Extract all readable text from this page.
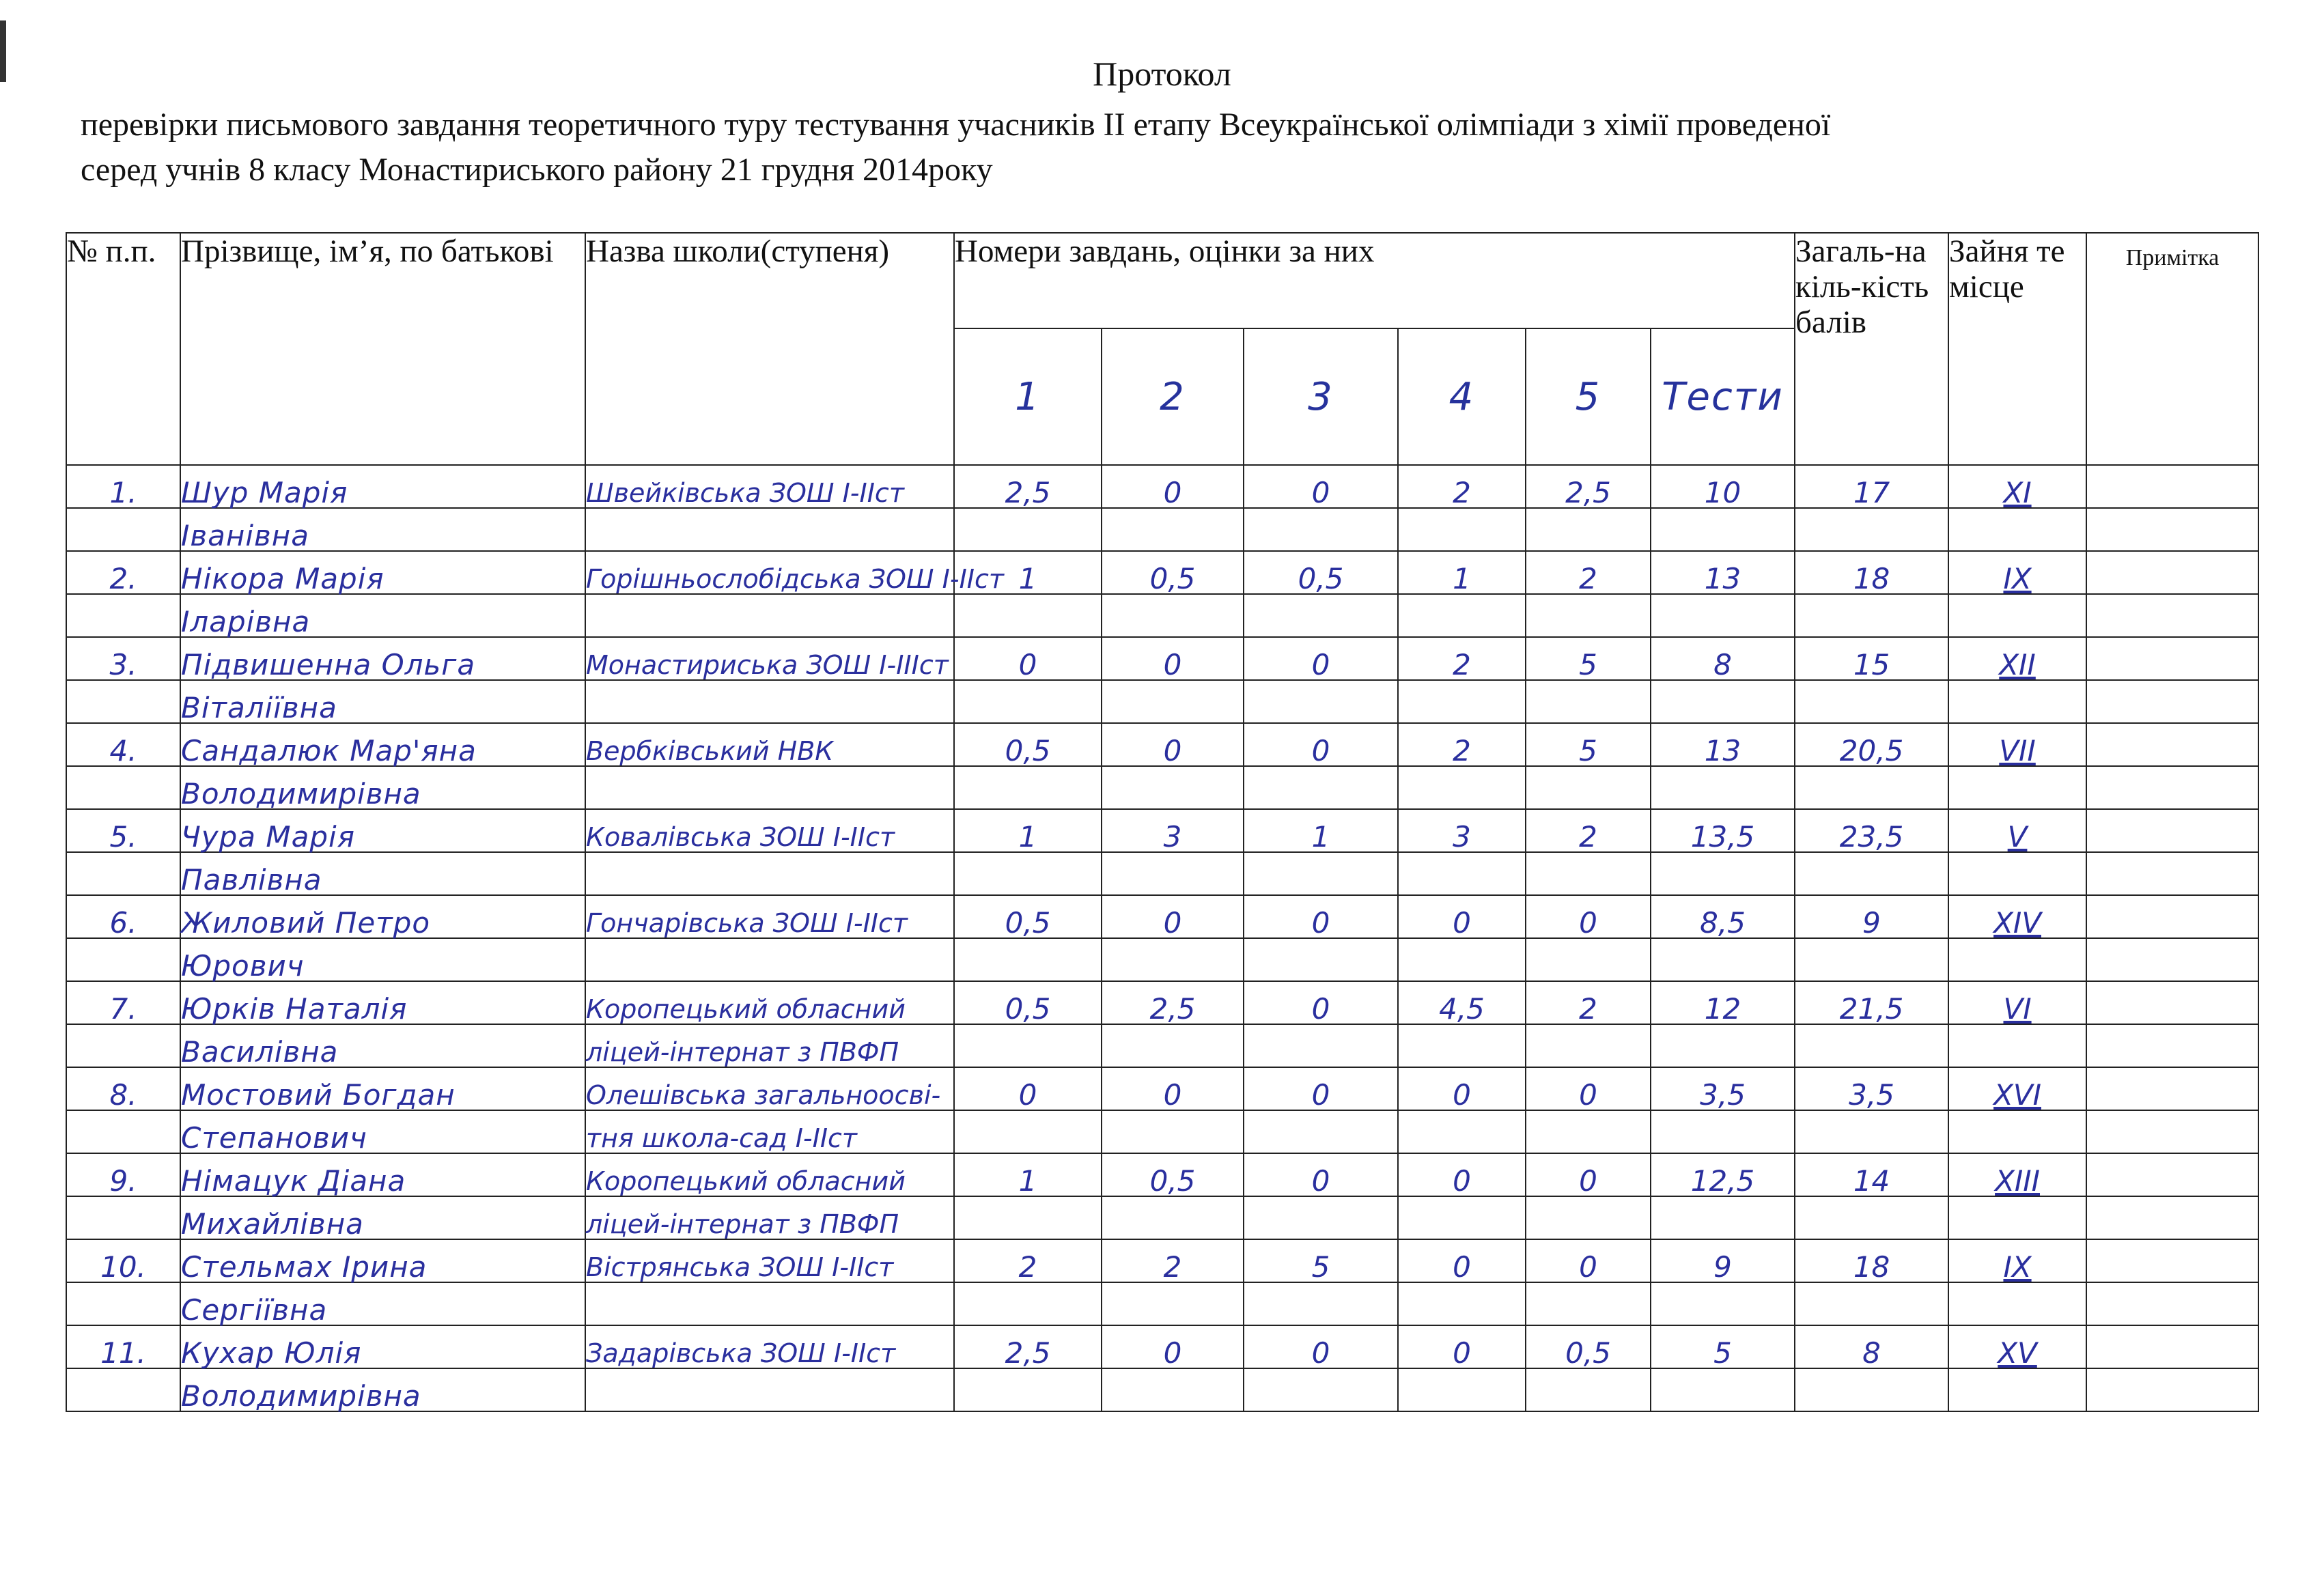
Протокол
перевірки письмового завдання теоретичного туру тестування учасників ІІ етапу Всеукраїнської олімпіади з хімії проведеної
серед учнів 8 класу Монастириського району 21 грудня 2014року
№ п.п.	Прізвище, ім’я, по батькові	Назва школи(ступеня)	Номери завдань, оцінки за них						Загаль-на кіль-кість балів	Зайня те місце	Примітка
			1	2	3	4	5	Тести			
1.	Шур Марія	Швейківська ЗОШ І-ІІст	2,5	0	0	2	2,5	10	17	XI	
	Іванівна										
2.	Нікора Марія	Горішньослобідська ЗОШ І-ІІст	1	0,5	0,5	1	2	13	18	IX	
	Іларівна										
3.	Підвишенна Ольга	Монастириська ЗОШ І-ІІІст	0	0	0	2	5	8	15	XII	
	Віталіївна										
4.	Сандалюк Мар'яна	Вербківський НВК	0,5	0	0	2	5	13	20,5	VII	
	Володимирівна										
5.	Чура Марія	Ковалівська ЗОШ І-ІІст	1	3	1	3	2	13,5	23,5	V	
	Павлівна										
6.	Жиловий Петро	Гончарівська ЗОШ І-ІІст	0,5	0	0	0	0	8,5	9	XIV	
	Юрович										
7.	Юрків Наталія	Коропецький обласний	0,5	2,5	0	4,5	2	12	21,5	VI	
	Василівна	ліцей-інтернат з ПВФП									
8.	Мостовий Богдан	Олешівська загальноосві-	0	0	0	0	0	3,5	3,5	XVI	
	Степанович	тня школа-сад І-ІІст									
9.	Німацук Діана	Коропецький обласний	1	0,5	0	0	0	12,5	14	XIII	
	Михайлівна	ліцей-інтернат з ПВФП									
10.	Стельмах Ірина	Вістрянська ЗОШ І-ІІст	2	2	5	0	0	9	18	IX	
	Сергіївна										
11.	Кухар Юлія	Задарівська ЗОШ І-ІІст	2,5	0	0	0	0,5	5	8	XV	
	Володимирівна										
